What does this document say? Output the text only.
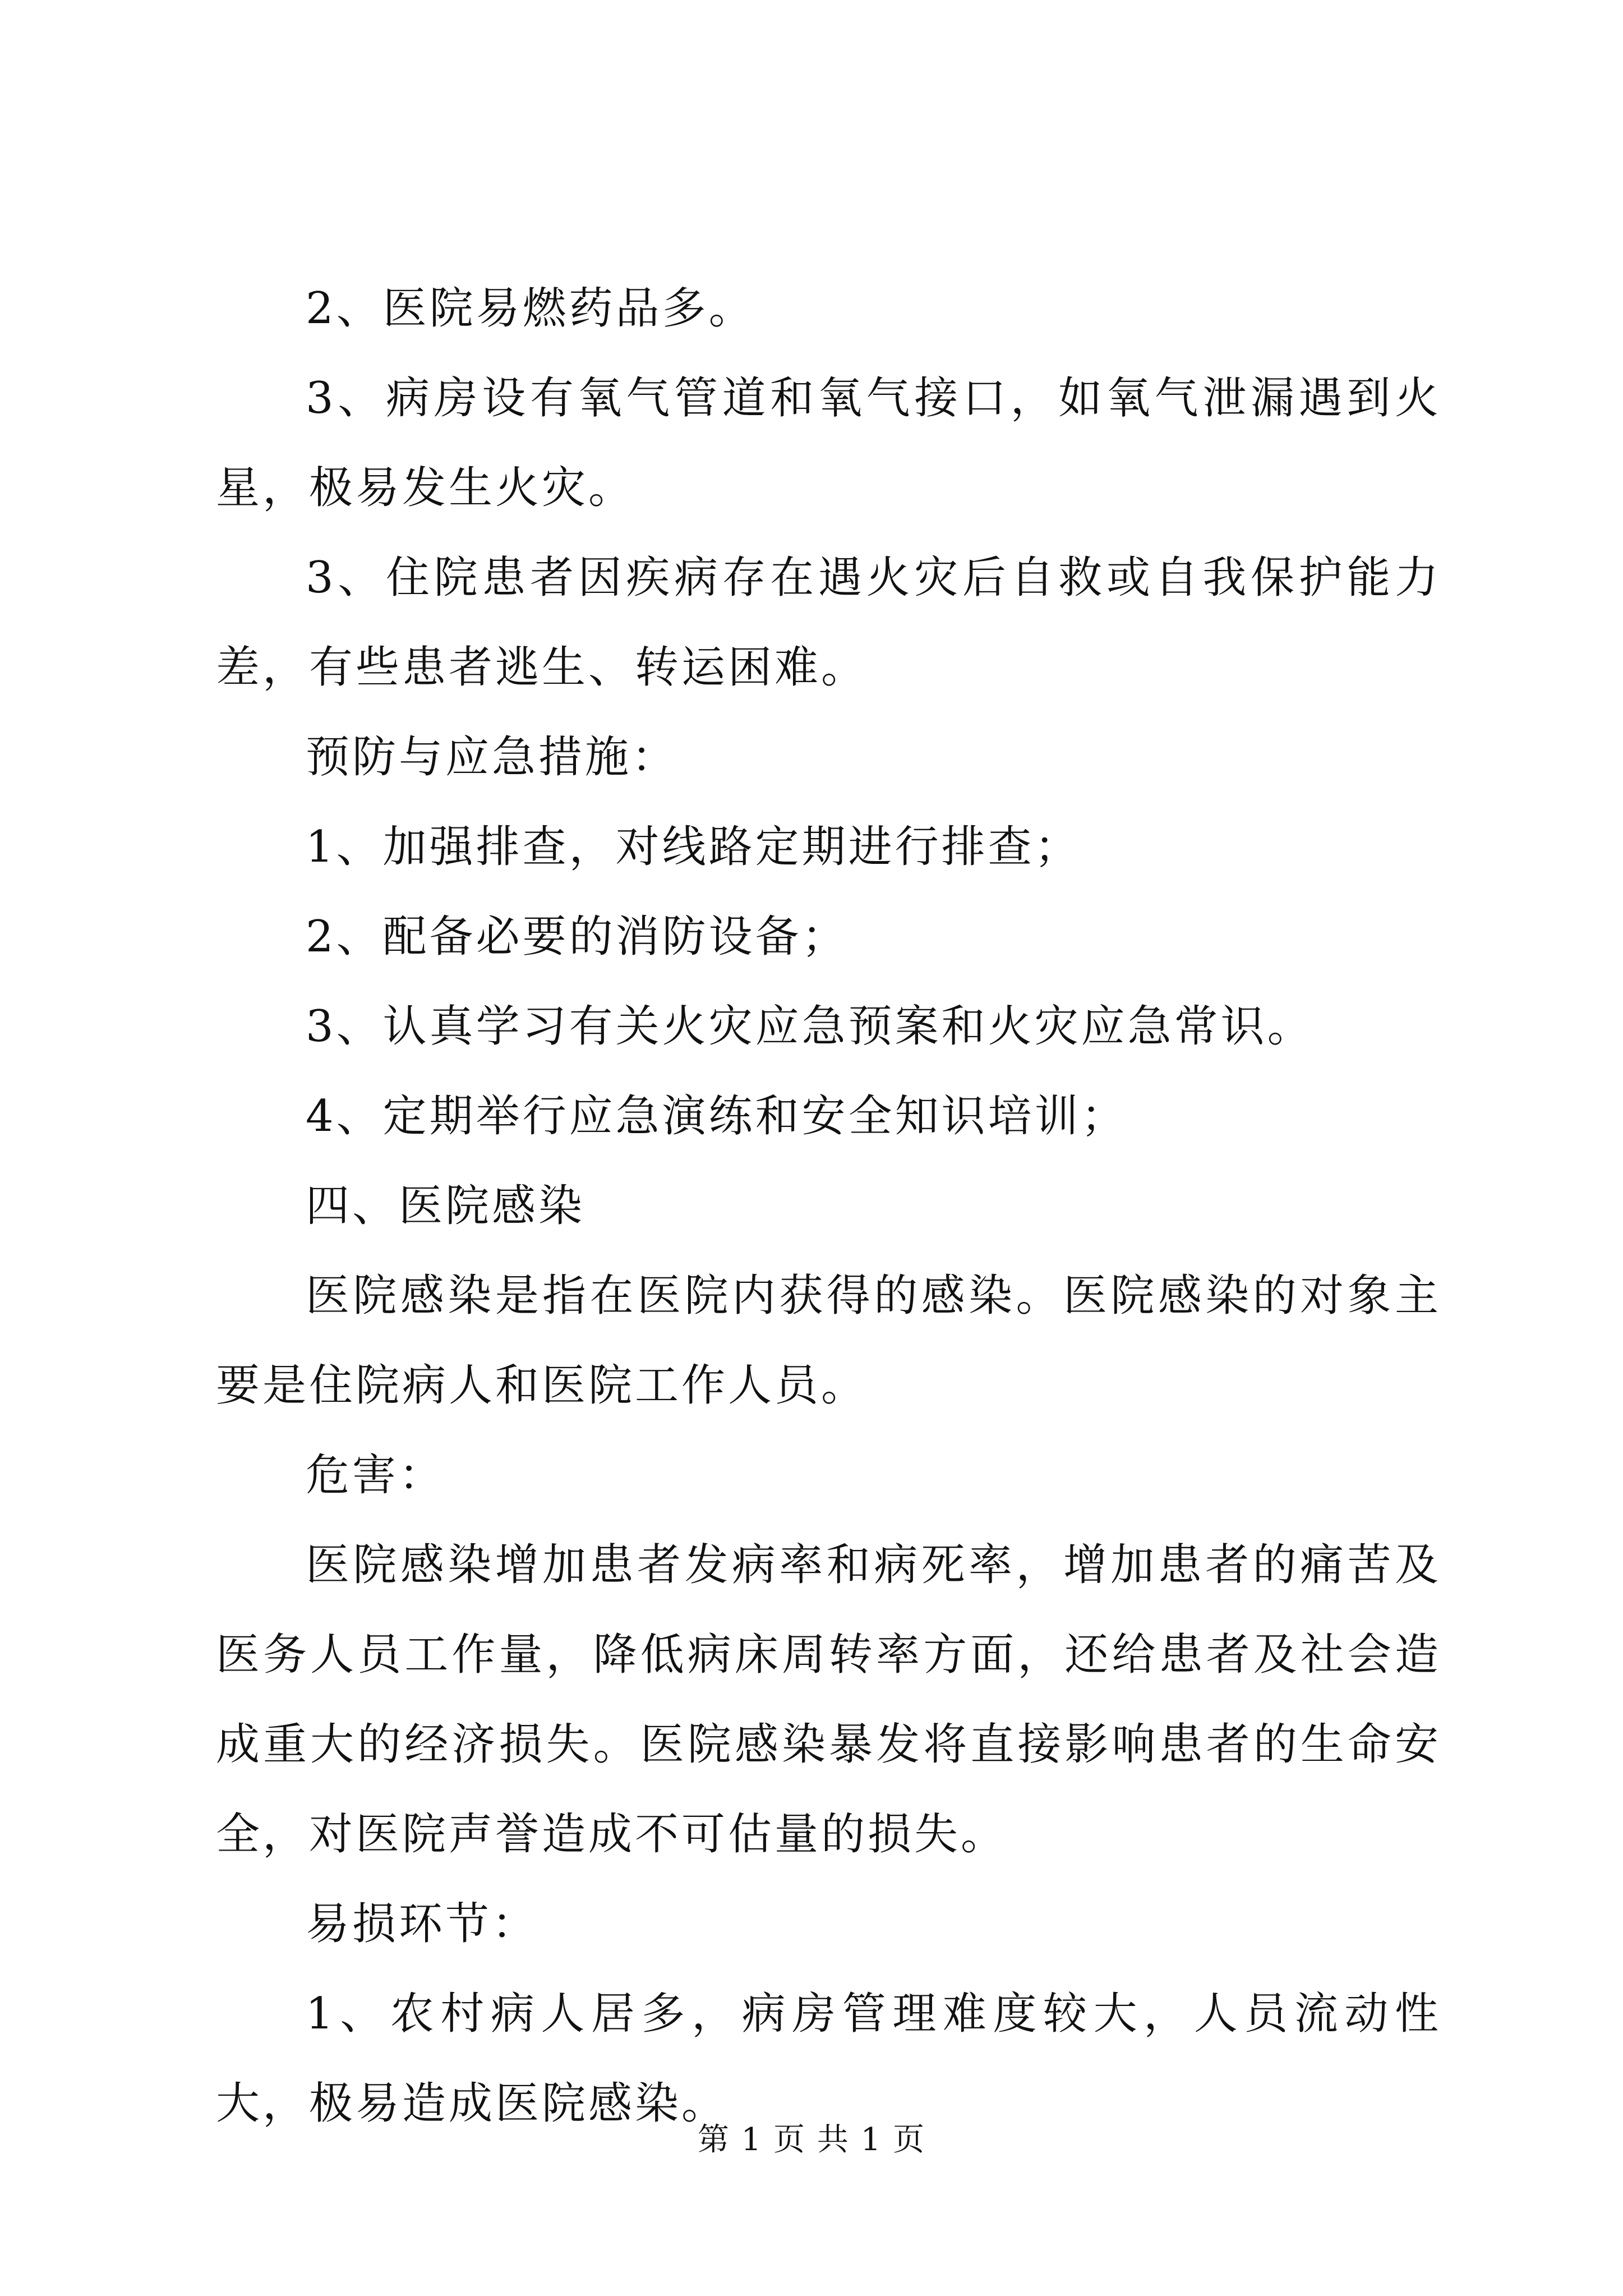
2、医院易燃药品多。

3、病房设有氧气管道和氧气接口，如氧气泄漏遇到火星，极易发生火灾。

3、住院患者因疾病存在遇火灾后自救或自我保护能力差，有些患者逃生、转运困难。

预防与应急措施：

1、加强排查，对线路定期进行排查；

2、配备必要的消防设备；

3、认真学习有关火灾应急预案和火灾应急常识。

4、定期举行应急演练和安全知识培训；

四、医院感染

医院感染是指在医院内获得的感染。医院感染的对象主要是住院病人和医院工作人员。

危害：

医院感染增加患者发病率和病死率，增加患者的痛苦及医务人员工作量，降低病床周转率方面，还给患者及社会造成重大的经济损失。医院感染暴发将直接影响患者的生命安全，对医院声誉造成不可估量的损失。

易损环节：

1、农村病人居多，病房管理难度较大，人员流动性大，极易造成医院感染。

第 1 页 共 1 页
